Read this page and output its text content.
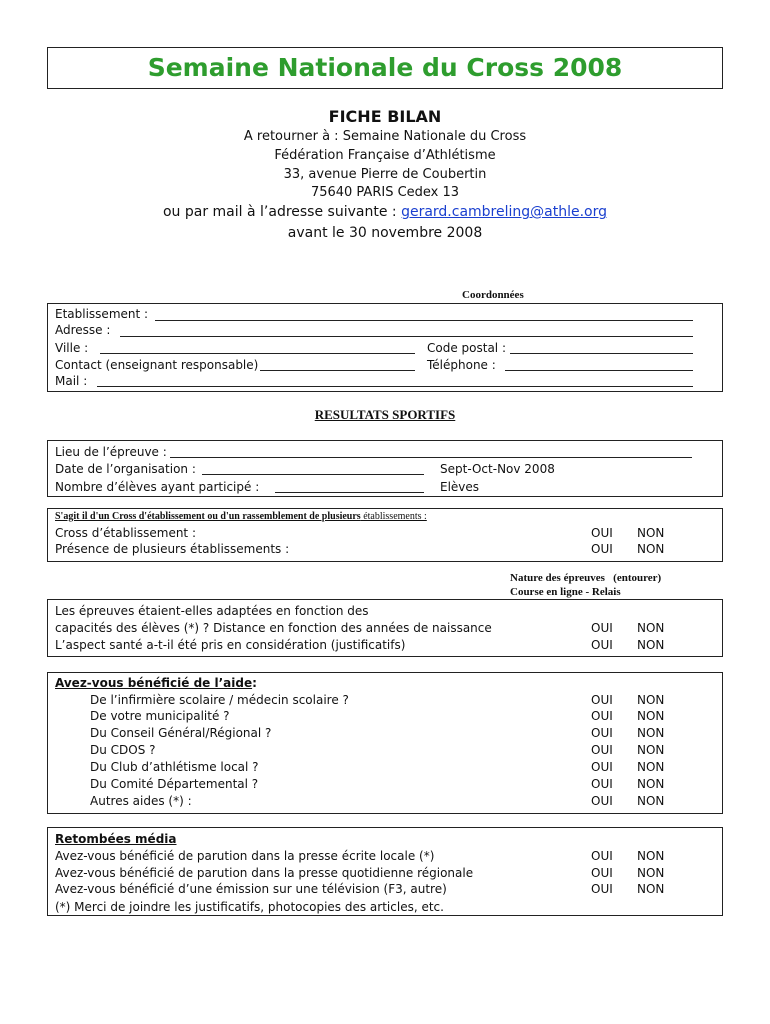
Semaine Nationale du Cross 2008
FICHE BILAN
A retourner à : Semaine Nationale du Cross
Fédération Française d’Athlétisme
33, avenue Pierre de Coubertin
75640 PARIS Cedex 13
ou par mail à l’adresse suivante : gerard.cambreling@athle.org
avant le 30 novembre 2008
Coordonnées
Etablissement :
Adresse :
Ville :	Code postal :
Contact (enseignant responsable)	Téléphone :
Mail :
RESULTATS SPORTIFS
Lieu de l’épreuve :
Date de l’organisation :	Sept-Oct-Nov 2008
Nombre d’élèves ayant participé :	Elèves
S'agit il d'un Cross d'établissement ou d'un rassemblement de plusieurs établissements :
Cross d’établissement :	OUI NON
Présence de plusieurs établissements :	OUI NON
Nature des épreuves   (entourer)
Course en ligne - Relais
Les épreuves étaient-elles adaptées en fonction des
capacités des élèves (*) ? Distance en fonction des années de naissance	OUI NON
L’aspect santé a-t-il été pris en considération (justificatifs)	OUI NON
Avez-vous bénéficié de l’aide:
De l’infirmière scolaire / médecin scolaire ?	OUI NON
De votre municipalité ?	OUI NON
Du Conseil Général/Régional ?	OUI NON
Du CDOS ?	OUI NON
Du Club d’athlétisme local ?	OUI NON
Du Comité Départemental ?	OUI NON
Autres aides (*) :	OUI NON
Retombées média
Avez-vous bénéficié de parution dans la presse écrite locale (*)	OUI NON
Avez-vous bénéficié de parution dans la presse quotidienne régionale	OUI NON
Avez-vous bénéficié d’une émission sur une télévision (F3, autre)	OUI NON
(*) Merci de joindre les justificatifs, photocopies des articles, etc.
